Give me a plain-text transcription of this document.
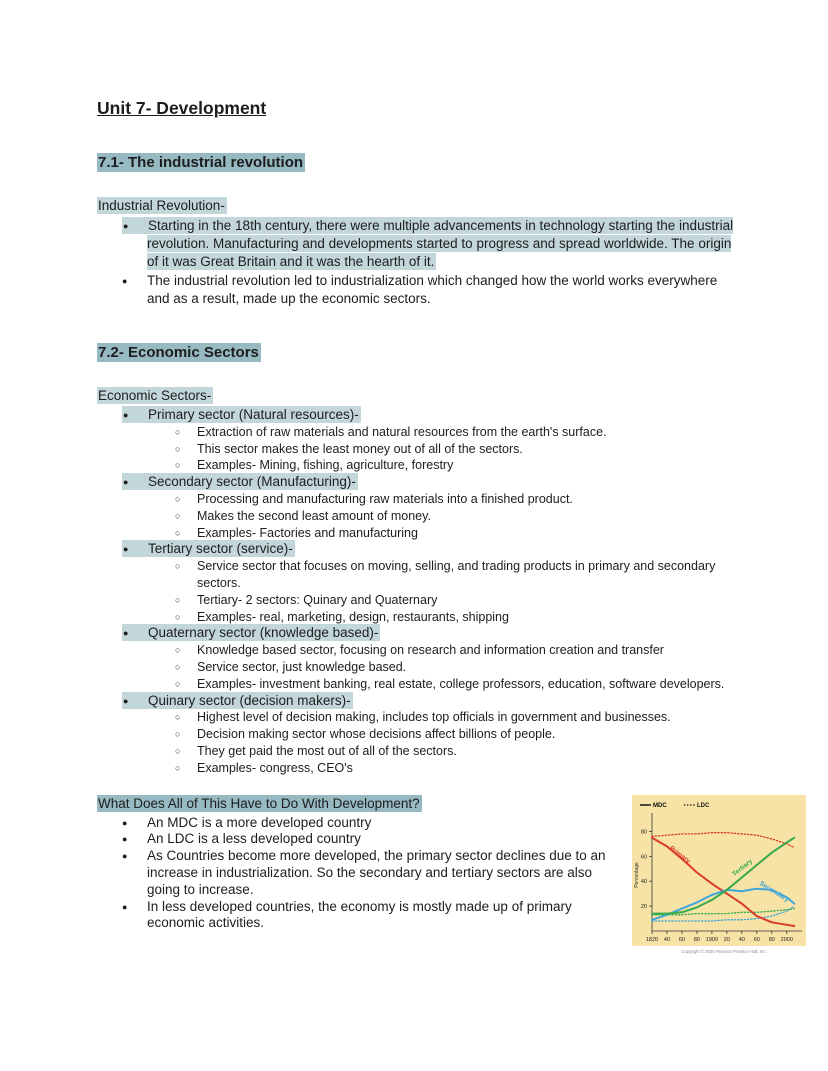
Unit 7- Development
7.1- The industrial revolution
Industrial Revolution-
● Starting in the 18th century, there were multiple advancements in technology starting the industrial revolution. Manufacturing and developments started to progress and spread worldwide. The origin of it was Great Britain and it was the hearth of it.
● The industrial revolution led to industrialization which changed how the world works everywhere and as a result, made up the economic sectors.
7.2- Economic Sectors
Economic Sectors-
● Primary sector (Natural resources)-
○ Extraction of raw materials and natural resources from the earth's surface.
○ This sector makes the least money out of all of the sectors.
○ Examples- Mining, fishing, agriculture, forestry
● Secondary sector (Manufacturing)-
○ Processing and manufacturing raw materials into a finished product.
○ Makes the second least amount of money.
○ Examples- Factories and manufacturing
● Tertiary sector (service)-
○ Service sector that focuses on moving, selling, and trading products in primary and secondary sectors.
○ Tertiary- 2 sectors: Quinary and Quaternary
○ Examples- real, marketing, design, restaurants, shipping
● Quaternary sector (knowledge based)-
○ Knowledge based sector, focusing on research and information creation and transfer
○ Service sector, just knowledge based.
○ Examples- investment banking, real estate, college professors, education, software developers.
● Quinary sector (decision makers)-
○ Highest level of decision making, includes top officials in government and businesses.
○ Decision making sector whose decisions affect billions of people.
○ They get paid the most out of all of the sectors.
○ Examples- congress, CEO's
20
40
60
80
Percentage
1820 40 60 80 1900 20 40 60 80 2000
Primary
Secondary
Tertiary
MDC	LDC
Copyright © 2005 Pearson Prentice Hall, Inc.
What Does All of This Have to Do With Development?
● An MDC is a more developed country
● An LDC is a less developed country
● As Countries become more developed, the primary sector declines due to an increase in industrialization. So the secondary and tertiary sectors are also going to increase.
● In less developed countries, the economy is mostly made up of primary economic activities.
